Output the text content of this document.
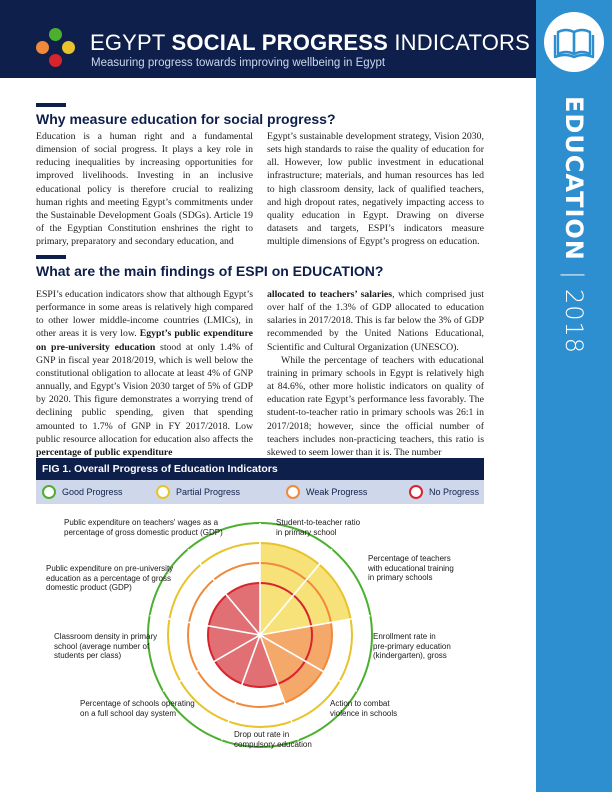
EGYPT SOCIAL PROGRESS INDICATORS
Measuring progress towards improving wellbeing in Egypt
EDUCATION|2018
Why measure education for social progress?

Education is a human right and a fundamental dimension of social progress. It plays a key role in reducing inequalities by increasing opportunities for improved livelihoods. Investing in an inclusive educational policy is therefore crucial to realizing human rights and meeting Egypt’s commitments under the Sustainable Development Goals (SDGs). Article 19 of the Egyptian Constitution enshrines the right to primary, preparatory and secondary education, and

Egypt’s sustainable development strategy, Vision 2030, sets high standards to raise the quality of education for all. However, low public investment in educational infrastructure; materials, and human resources has led to high classroom density, lack of qualified teachers, and high dropout rates, negatively impacting access to quality education in Egypt. Drawing on diverse datasets and targets, ESPI’s indicators measure multiple dimensions of Egypt’s progress on education.

What are the main findings of ESPI on EDUCATION?

ESPI’s education indicators show that although Egypt’s performance in some areas is relatively high compared to other lower middle-income countries (LMICs), in other areas it is very low. Egypt’s public expenditure on pre-university education stood at only 1.4% of GNP in fiscal year 2018/2019, which is well below the constitutional obligation to allocate at least 4% of GNP annually, and Egypt’s Vision 2030 target of 5% of GDP by 2020. This figure demonstrates a worrying trend of declining public spending, given that spending amounted to 1.7% of GNP in FY 2017/2018. Low public resource allocation for education also affects the percentage of public expenditure

allocated to teachers’ salaries, which comprised just over half of the 1.3% of GDP allocated to education salaries in 2017/2018. This is far below the 3% of GDP recommended by the United Nations Educational, Scientific and Cultural Organization (UNESCO).

While the percentage of teachers with educational training in primary schools in Egypt is relatively high at 84.6%, other more holistic indicators on quality of education rate Egypt’s performance less favorably. The student-to-teacher ratio in primary schools was 26:1 in 2017/2018; however, since the official number of teachers includes non-practicing teachers, this ratio is skewed to seem lower than it is. The number

FIG 1. Overall Progress of Education Indicators
Good Progress	Partial Progress	Weak Progress	No Progress
Student-to-teacher ratio
in primary school
Percentage of teachers
with educational training
in primary schools
Enrollment rate in
pre-primary education
(kindergarten), gross
Action to combat
violence in schools
Drop out rate in
compulsory education
Percentage of schools operating
on a full school day system
Classroom density in primary
school (average number of
students per class)
Public expenditure on pre-university
education as a percentage of gross
domestic product (GDP)
Public expenditure on teachers' wages as a
percentage of gross domestic product (GDP)
